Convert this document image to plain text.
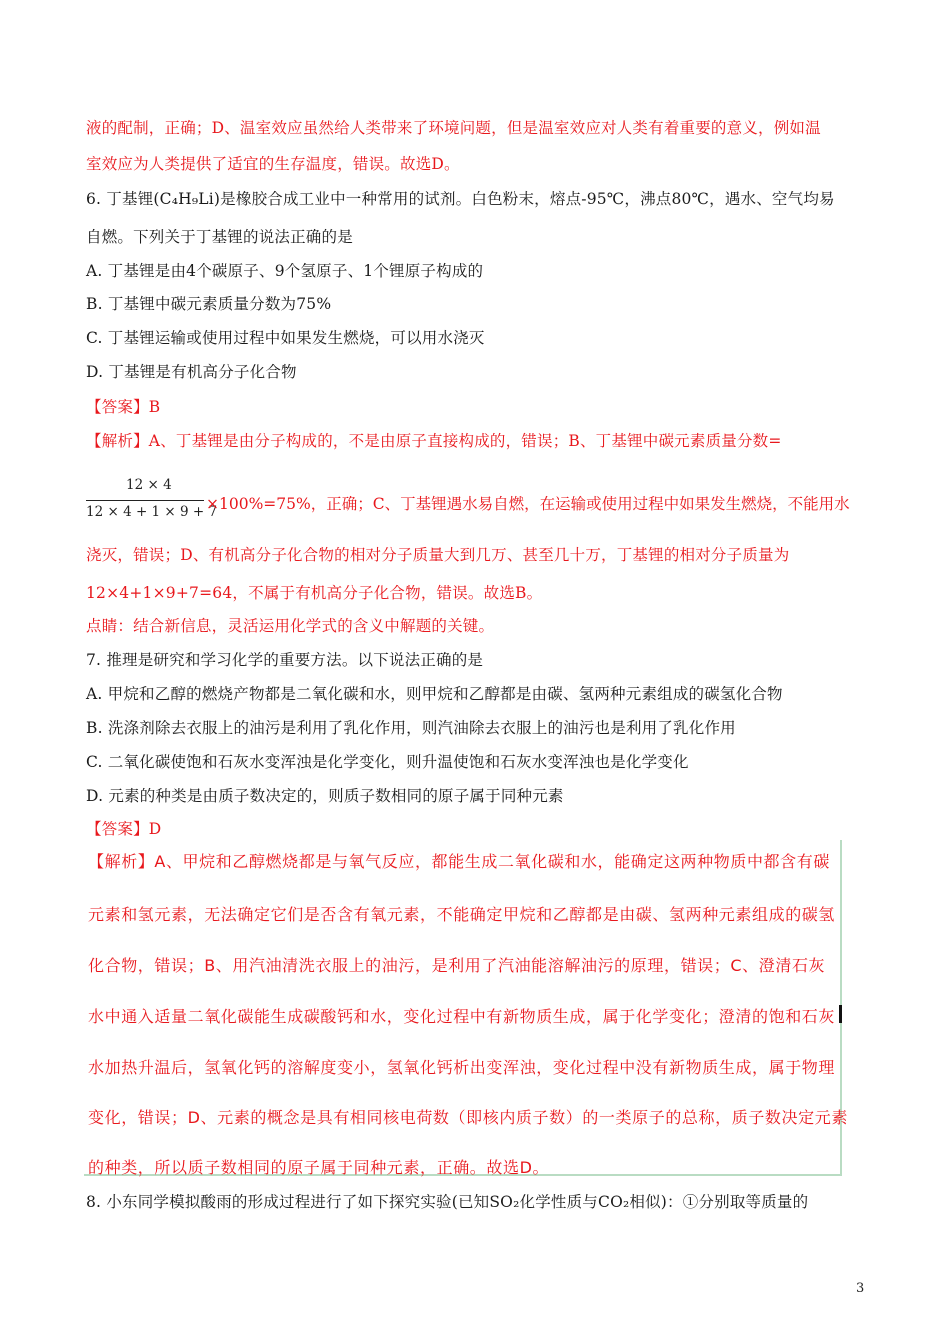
液的配制，正确；D、温室效应虽然给人类带来了环境问题，但是温室效应对人类有着重要的意义，例如温
室效应为人类提供了适宜的生存温度，错误。故选D。
6. 丁基锂(C₄H₉Li)是橡胶合成工业中一种常用的试剂。白色粉末，熔点-95℃，沸点80℃，遇水、空气均易
自燃。下列关于丁基锂的说法正确的是
A. 丁基锂是由4个碳原子、9个氢原子、1个锂原子构成的
B. 丁基锂中碳元素质量分数为75%
C. 丁基锂运输或使用过程中如果发生燃烧，可以用水浇灭
D. 丁基锂是有机高分子化合物
【答案】B
【解析】A、丁基锂是由分子构成的，不是由原子直接构成的，错误；B、丁基锂中碳元素质量分数=
12 × 4
12 × 4 + 1 × 9 + 7
×100%=75%，正确；C、丁基锂遇水易自燃，在运输或使用过程中如果发生燃烧，不能用水
浇灭，错误；D、有机高分子化合物的相对分子质量大到几万、甚至几十万，丁基锂的相对分子质量为
12×4+1×9+7=64，不属于有机高分子化合物，错误。故选B。
点睛：结合新信息，灵活运用化学式的含义中解题的关键。
7. 推理是研究和学习化学的重要方法。以下说法正确的是
A. 甲烷和乙醇的燃烧产物都是二氧化碳和水，则甲烷和乙醇都是由碳、氢两种元素组成的碳氢化合物
B. 洗涤剂除去衣服上的油污是利用了乳化作用，则汽油除去衣服上的油污也是利用了乳化作用
C. 二氧化碳使饱和石灰水变浑浊是化学变化，则升温使饱和石灰水变浑浊也是化学变化
D. 元素的种类是由质子数决定的，则质子数相同的原子属于同种元素
【答案】D
【解析】A、甲烷和乙醇燃烧都是与氧气反应，都能生成二氧化碳和水，能确定这两种物质中都含有碳
元素和氢元素，无法确定它们是否含有氧元素，不能确定甲烷和乙醇都是由碳、氢两种元素组成的碳氢
化合物，错误；B、用汽油清洗衣服上的油污，是利用了汽油能溶解油污的原理，错误；C、澄清石灰
水中通入适量二氧化碳能生成碳酸钙和水，变化过程中有新物质生成，属于化学变化；澄清的饱和石灰
水加热升温后，氢氧化钙的溶解度变小，氢氧化钙析出变浑浊，变化过程中没有新物质生成，属于物理
变化，错误；D、元素的概念是具有相同核电荷数（即核内质子数）的一类原子的总称，质子数决定元素
的种类，所以质子数相同的原子属于同种元素，正确。故选D。
8. 小东同学模拟酸雨的形成过程进行了如下探究实验(已知SO₂化学性质与CO₂相似)：①分别取等质量的
3
